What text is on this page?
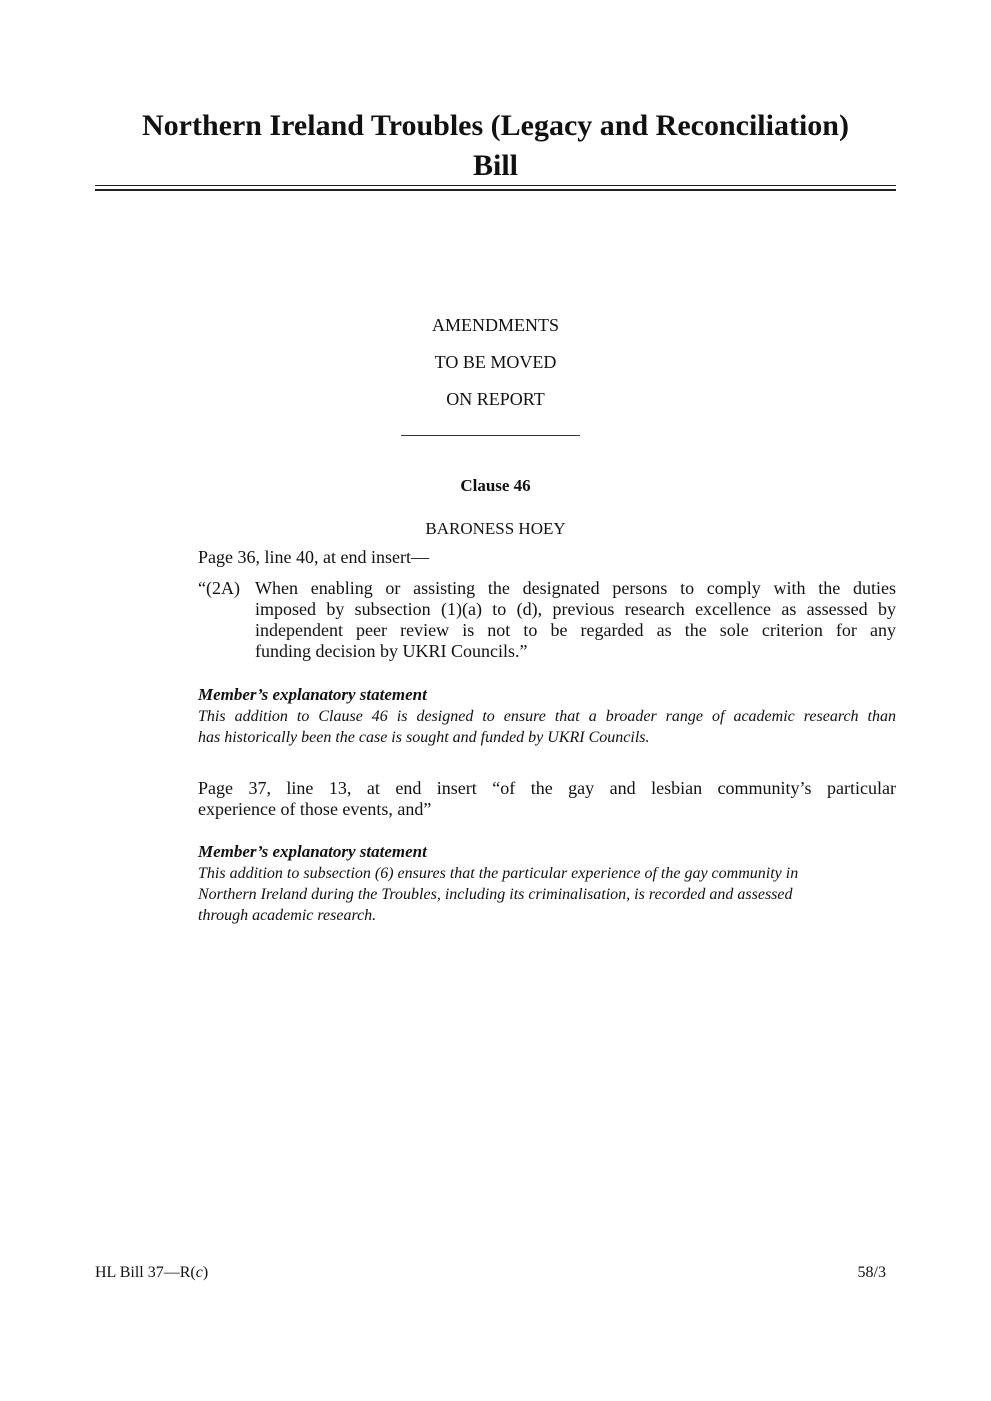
Northern Ireland Troubles (Legacy and Reconciliation)
Bill
AMENDMENTS
TO BE MOVED
ON REPORT
Clause 46
BARONESS HOEY
Page 36, line 40, at end insert—
“(2A) When enabling or assisting the designated persons to comply with the duties
imposed by subsection (1)(a) to (d), previous research excellence as assessed by
independent peer review is not to be regarded as the sole criterion for any
funding decision by UKRI Councils.”
Member’s explanatory statement
This addition to Clause 46 is designed to ensure that a broader range of academic research than
has historically been the case is sought and funded by UKRI Councils.
Page 37, line 13, at end insert “of the gay and lesbian community’s particular
experience of those events, and”
Member’s explanatory statement
This addition to subsection (6) ensures that the particular experience of the gay community in
Northern Ireland during the Troubles, including its criminalisation, is recorded and assessed
through academic research.
HL Bill 37—R(c)	58/3
